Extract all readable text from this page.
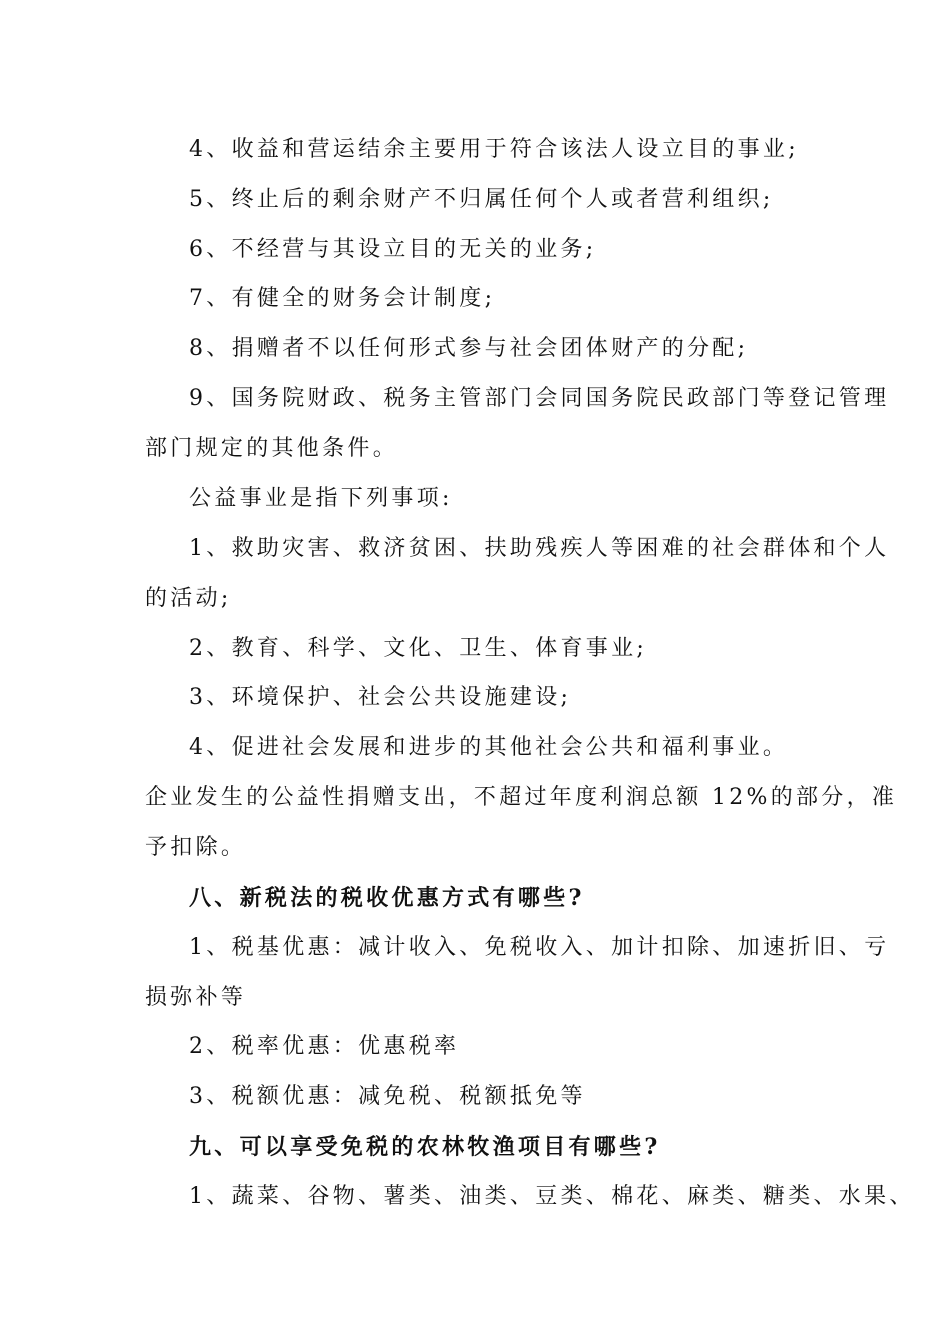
4、收益和营运结余主要用于符合该法人设立目的事业;
5、终止后的剩余财产不归属任何个人或者营利组织;
6、不经营与其设立目的无关的业务;
7、有健全的财务会计制度;
8、捐赠者不以任何形式参与社会团体财产的分配;
9、国务院财政、税务主管部门会同国务院民政部门等登记管理
部门规定的其他条件。
公益事业是指下列事项:
1、救助灾害、救济贫困、扶助残疾人等困难的社会群体和个人
的活动;
2、教育、科学、文化、卫生、体育事业;
3、环境保护、社会公共设施建设;
4、促进社会发展和进步的其他社会公共和福利事业。
企业发生的公益性捐赠支出，不超过年度利润总额 12%的部分，准
予扣除。
八、新税法的税收优惠方式有哪些?
1、税基优惠：减计收入、免税收入、加计扣除、加速折旧、亏
损弥补等
2、税率优惠：优惠税率
3、税额优惠：减免税、税额抵免等
九、可以享受免税的农林牧渔项目有哪些?
1、蔬菜、谷物、薯类、油类、豆类、棉花、麻类、糖类、水果、
